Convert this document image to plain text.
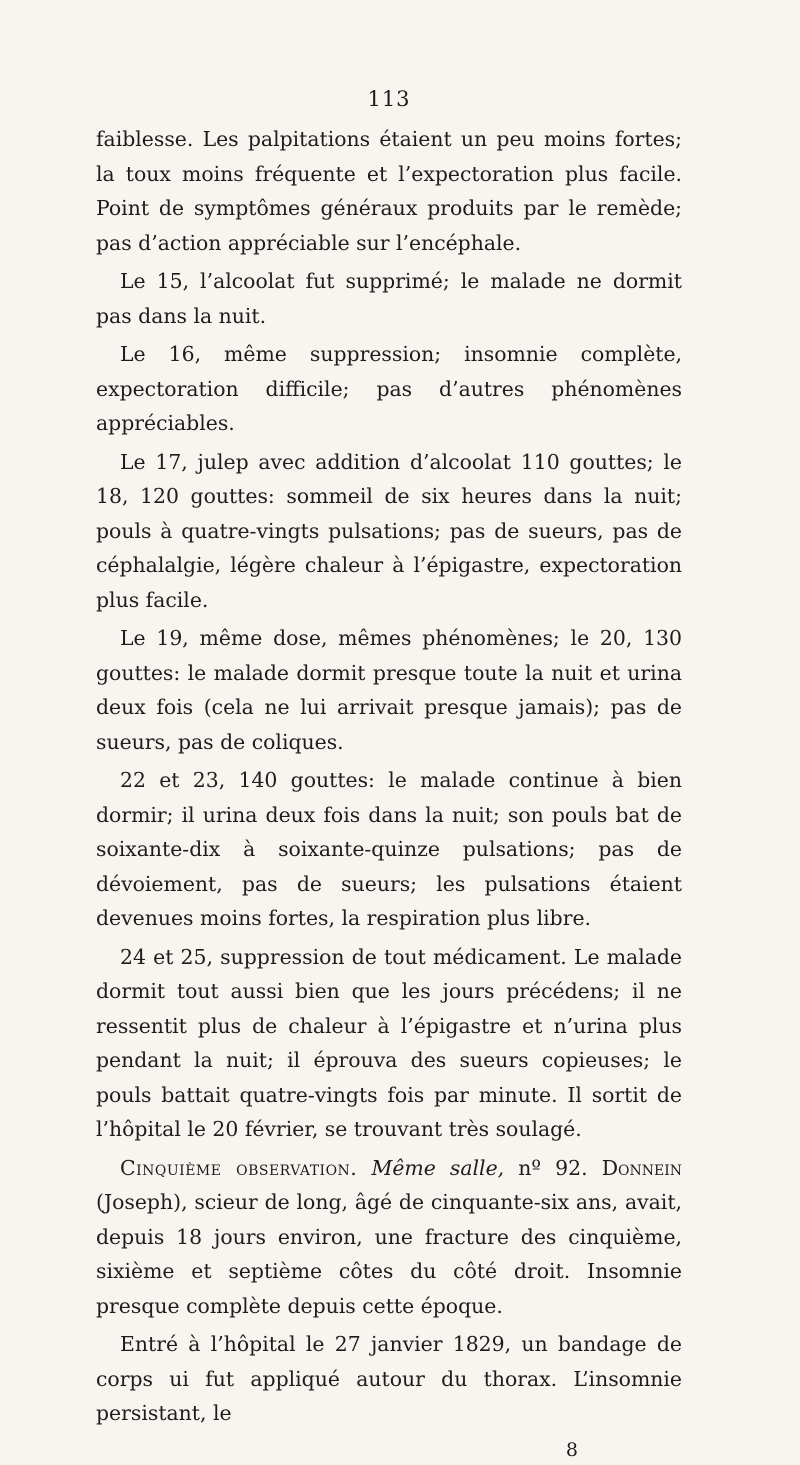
113

faiblesse. Les palpitations étaient un peu moins fortes; la toux moins fréquente et l’expectoration plus facile. Point de symptômes généraux produits par le remède; pas d’action appréciable sur l’encéphale.

Le 15, l’alcoolat fut supprimé; le malade ne dormit pas dans la nuit.

Le 16, même suppression; insomnie complète, expectoration difficile; pas d’autres phénomènes appréciables.

Le 17, julep avec addition d’alcoolat 110 gouttes; le 18, 120 gouttes: sommeil de six heures dans la nuit; pouls à quatre-vingts pulsations; pas de sueurs, pas de céphalalgie, légère chaleur à l’épigastre, expectoration plus facile.

Le 19, même dose, mêmes phénomènes; le 20, 130 gouttes: le malade dormit presque toute la nuit et urina deux fois (cela ne lui arrivait presque jamais); pas de sueurs, pas de coliques.

22 et 23, 140 gouttes: le malade continue à bien dormir; il urina deux fois dans la nuit; son pouls bat de soixante-dix à soixante-quinze pulsations; pas de dévoiement, pas de sueurs; les pulsations étaient devenues moins fortes, la respiration plus libre.

24 et 25, suppression de tout médicament. Le malade dormit tout aussi bien que les jours précédens; il ne ressentit plus de chaleur à l’épigastre et n’urina plus pendant la nuit; il éprouva des sueurs copieuses; le pouls battait quatre-vingts fois par minute. Il sortit de l’hôpital le 20 février, se trouvant très soulagé.

Cinquième observation. Même salle, nº 92. Donnein (Joseph), scieur de long, âgé de cinquante-six ans, avait, depuis 18 jours environ, une fracture des cinquième, sixième et septième côtes du côté droit. Insomnie presque complète depuis cette époque.

Entré à l’hôpital le 27 janvier 1829, un bandage de corps ui fut appliqué autour du thorax. L’insomnie persistant, le

8
